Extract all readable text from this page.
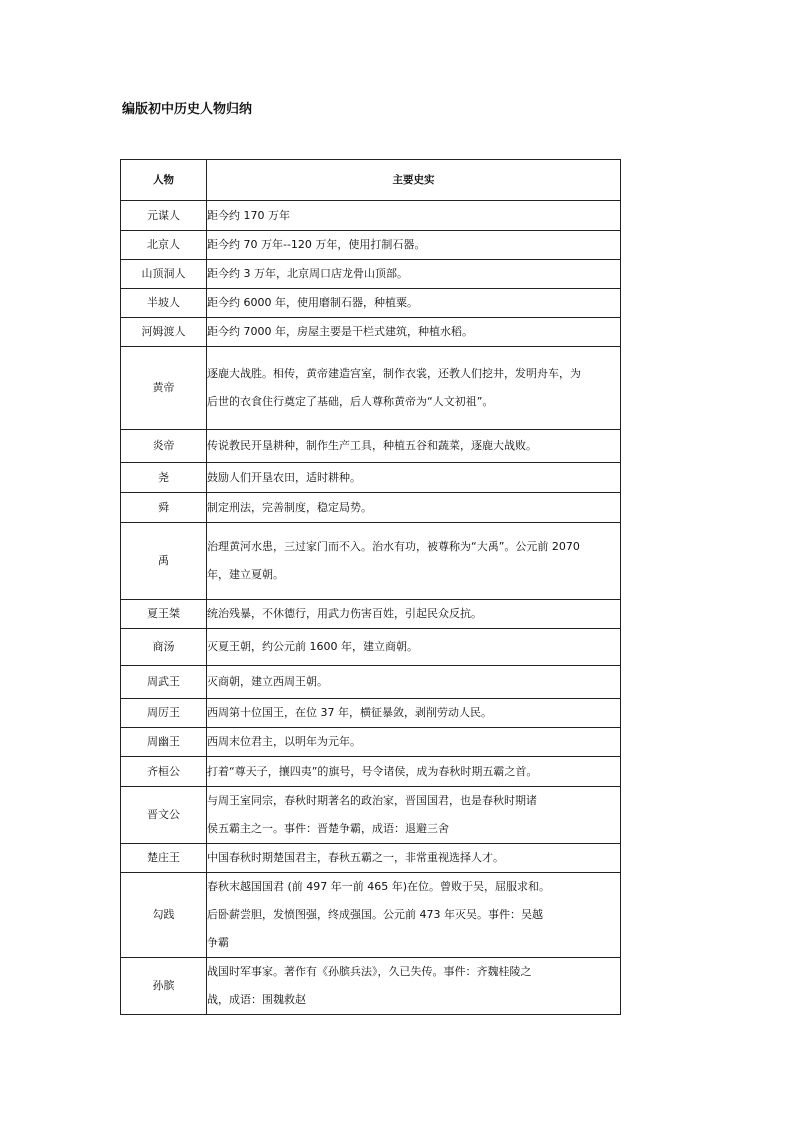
编版初中历史人物归纳
人物	主要史实
元谋人	距今约 170 万年

北京人	距今约 70 万年--120 万年，使用打制石器。

山顶洞人	距今约 3 万年，北京周口店龙骨山顶部。

半坡人	距今约 6000 年，使用磨制石器，种植粟。

河姆渡人	距今约 7000 年，房屋主要是干栏式建筑，种植水稻。

黄帝	逐鹿大战胜。相传，黄帝建造宫室，制作衣裳，还教人们挖井，发明舟车，为
后世的衣食住行奠定了基础，后人尊称黄帝为“人文初祖”。

炎帝	传说教民开垦耕种，制作生产工具，种植五谷和蔬菜，逐鹿大战败。

尧	鼓励人们开垦农田，适时耕种。

舜	制定刑法，完善制度，稳定局势。

禹	治理黄河水患，三过家门而不入。治水有功，被尊称为“大禹”。公元前 2070
年，建立夏朝。

夏王桀	统治残暴，不休德行，用武力伤害百姓，引起民众反抗。

商汤	灭夏王朝，约公元前 1600 年，建立商朝。

周武王	灭商朝，建立西周王朝。

周厉王	西周第十位国王，在位 37 年，横征暴敛，剥削劳动人民。

周幽王	西周末位君主，以明年为元年。

齐桓公	打着“尊天子，攘四夷”的旗号，号令诸侯，成为春秋时期五霸之首。

晋文公	与周王室同宗，春秋时期著名的政治家，晋国国君，也是春秋时期诸
侯五霸主之一。事件：晋楚争霸，成语：退避三舍

楚庄王	中国春秋时期楚国君主，春秋五霸之一，非常重视选择人才。

勾践	春秋末越国国君 (前 497 年一前 465 年)在位。曾败于吴，屈服求和。
后卧薪尝胆，发愤图强，终成强国。公元前 473 年灭吴。事件：吴越
争霸

孙膑	战国时军事家。著作有《孙膑兵法》，久已失传。事件：齐魏桂陵之
战，成语：围魏救赵
